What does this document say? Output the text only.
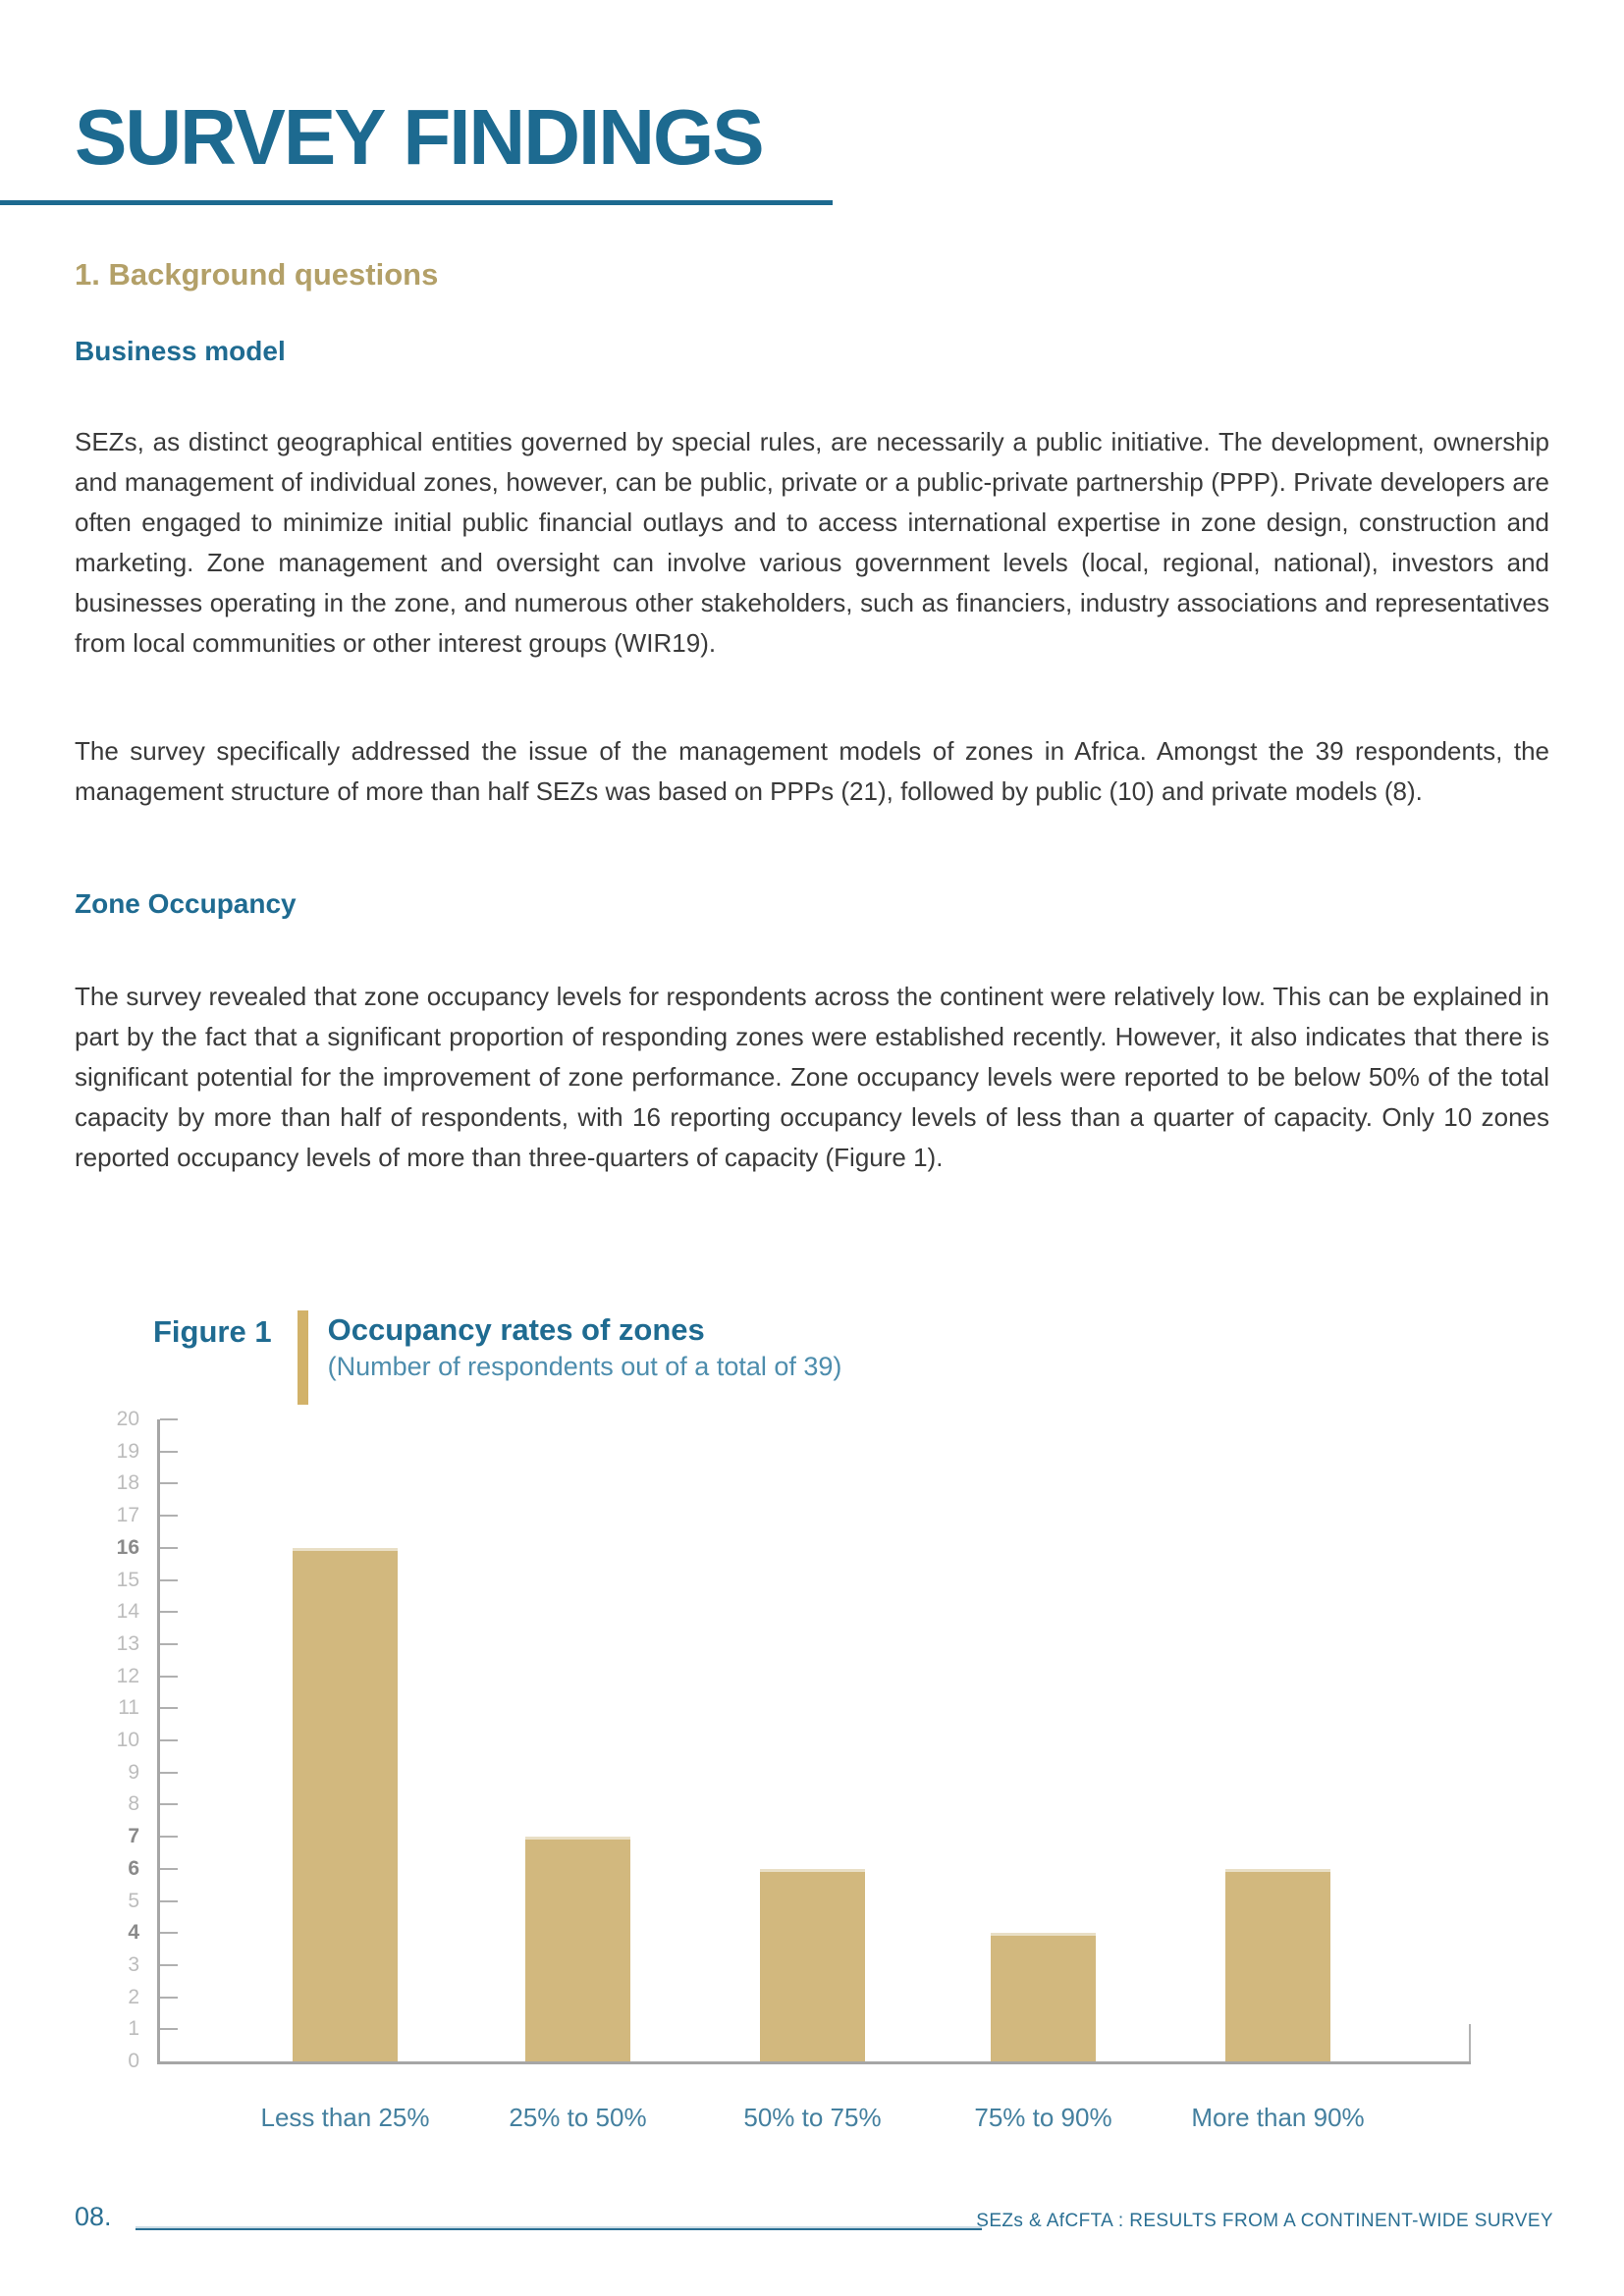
SURVEY FINDINGS
1. Background questions
Business model

SEZs, as distinct geographical entities governed by special rules, are necessarily a public initiative. The development, ownership and management of individual zones, however, can be public, private or a public-private partnership (PPP). Private developers are often engaged to minimize initial public financial outlays and to access international expertise in zone design, construction and marketing. Zone management and oversight can involve various government levels (local, regional, national), investors and businesses operating in the zone, and numerous other stakeholders, such as financiers, industry associations and representatives from local communities or other interest groups (WIR19).

The survey specifically addressed the issue of the management models of zones in Africa. Amongst the 39 respondents, the management structure of more than half SEZs was based on PPPs (21), followed by public (10) and private models (8).

Zone Occupancy

The survey revealed that zone occupancy levels for respondents across the continent were relatively low. This can be explained in part by the fact that a significant proportion of responding zones were established recently. However, it also indicates that there is significant potential for the improvement of zone performance. Zone occupancy levels were reported to be below 50% of the total capacity by more than half of respondents, with 16 reporting occupancy levels of less than a quarter of capacity. Only 10 zones reported occupancy levels of more than three-quarters of capacity (Figure 1).

Figure 1 Occupancy rates of zones
(Number of respondents out of a total of 39)
0
1
2
3
4
5
6
7
8
9
10
11
12
13
14
15
16
17
18
19
20
Less than 25%	25% to 50%	50% to 75%	75% to 90%	More than 90%
08.	SEZs & AfCFTA : RESULTS FROM A CONTINENT-WIDE SURVEY
